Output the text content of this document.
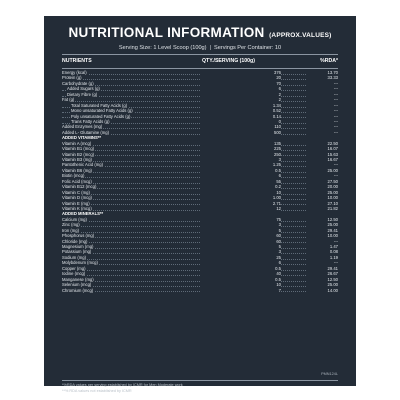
NUTRITIONAL INFORMATION (APPROX.VALUES)
Serving Size: 1 Level Scoop (100g) | Servings Per Container: 10
NUTRIENTS	QTY./SERVING (100g)	%RDA*
Energy (kcal)	376	13.70
Protein (g)	20	33.33
Carbohydrate (g)	70	---
Added Sugars (g)	6	---
Dietary Fibre (g)	2	---
Fat (g)	2	---
Total Saturated Fatty Acids (g)	1.34	---
Mono unsaturated Fatty Acids (g)	0.52	---
Poly unsaturated Fatty Acids (g)	0.14	---
Trans Fatty Acids (g)	0	---
Added Enzymes (mg)	110	---
Added L- Glutamine (mg)	500	---
ADDED VITAMINS**
Vitamin A (mcg)	135	22.50
Vitamin B1 (mcg)	225	16.07
Vitamin B2 (mcg)	250	15.63
Vitamin B3 (mg)	3	16.67
Pantothenic Acid (mg)	1.25	---
Vitamin B6 (mg)	0.5	25.00
Biotin (mcg)	6	---
Folic Acid (mcg)	55	27.50
Vitamin B12 (mcg)	0.2	20.00
Vitamin C (mg)	10	25.00
Vitamin D (mcg)	1.00	10.00
Vitamin E (mg)	2.71	27.10
Vitamin K (mcg)	12	21.82
ADDED MINERALS**
Calcium (mg)	75	12.50
Zinc (mg)	3	25.00
Iron (mg)	5	29.41
Phosphorus (mg)	60	10.00
Chloride (mg)	60	---
Magnesium (mg)	5	1.47
Potassium (mg)	3	0.08
Sodium (mg)	25	1.19
Molybdenum (mcg)	6	---
Copper (mg)	0.5	29.41
Iodine (mcg)	40	26.67
Manganese (mg)	0.5	12.50
Selenium (mcg)	10	25.00
Chromium (mcg)	7	14.00
PMN124L
*%RDA values per serving established by ICMR for Men Moderate work
**% RDA values not established by ICMR
